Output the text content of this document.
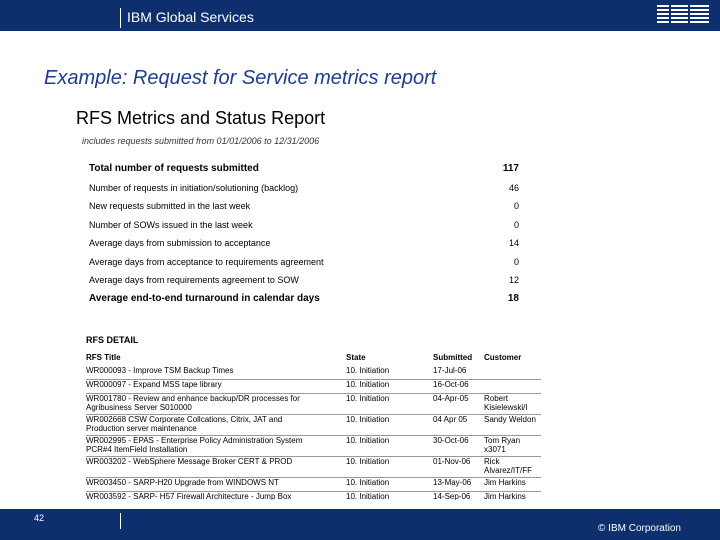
IBM Global Services
Example: Request for Service metrics report
RFS Metrics and Status Report
includes requests submitted from 01/01/2006 to 12/31/2006
Total number of requests submitted	117
Number of requests in initiation/solutioning (backlog)	46
New requests submitted in the last week	0
Number of SOWs issued in the last week	0
Average days from submission to acceptance	14
Average days from acceptance to requirements agreement	0
Average days from requirements agreement to SOW	12
Average end-to-end turnaround in calendar days	18
RFS DETAIL
RFS Title	State	Submitted Customer
WR000093 - Improve TSM Backup Times	10. Initiation	17-Jul-06
WR000097 - Expand MSS tape library	10. Initiation	16-Oct-06
WR001780 - Review and enhance backup/DR processes for
Agribusiness Server S010000
10. Initiation	04-Apr-05 Robert
Kisielewski/I
WR002668 CSW Corporate Collcations, Citrix, JAT and
Production server maintenance
10. Initiation	04 Apr 05 Sandy Weldon
WR002995 - EPAS - Enterprise Policy Administration System
PCR#4 ItemField Installation
10. Initiation	30-Oct-06 Tom Ryan
x3071
WR003202 - WebSphere Message Broker CERT & PROD	10. Initiation	01-Nov-06 Rick
Alvarez/IT/FF
WR003450 - SARP-H20 Upgrade from WINDOWS NT	10. Initiation	13-May-06 Jim Harkins
WR003592 - SARP- H57 Firewall Architecture - Jump Box	10. Initiation	14-Sep-06 Jim Harkins
42
© IBM Corporation
